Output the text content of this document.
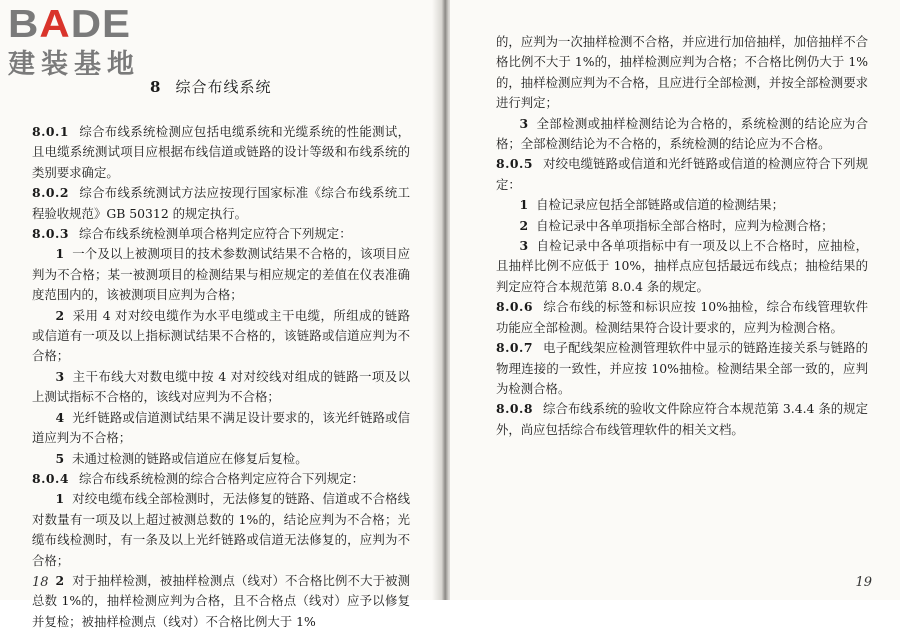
BADE
建装基地
8 综合布线系统

8.0.1 综合布线系统检测应包括电缆系统和光缆系统的性能测试，且电缆系统测试项目应根据布线信道或链路的设计等级和布线系统的类别要求确定。

8.0.2 综合布线系统测试方法应按现行国家标准《综合布线系统工程验收规范》GB 50312 的规定执行。

8.0.3 综合布线系统检测单项合格判定应符合下列规定：

1 一个及以上被测项目的技术参数测试结果不合格的，该项目应判为不合格；某一被测项目的检测结果与相应规定的差值在仪表准确度范围内的，该被测项目应判为合格；

2 采用 4 对对绞电缆作为水平电缆或主干电缆，所组成的链路或信道有一项及以上指标测试结果不合格的，该链路或信道应判为不合格；

3 主干布线大对数电缆中按 4 对对绞线对组成的链路一项及以上测试指标不合格的，该线对应判为不合格；

4 光纤链路或信道测试结果不满足设计要求的，该光纤链路或信道应判为不合格；

5 未通过检测的链路或信道应在修复后复检。

8.0.4 综合布线系统检测的综合合格判定应符合下列规定：

1 对绞电缆布线全部检测时，无法修复的链路、信道或不合格线对数量有一项及以上超过被测总数的 1%的，结论应判为不合格；光缆布线检测时，有一条及以上光纤链路或信道无法修复的，应判为不合格；

2 对于抽样检测，被抽样检测点（线对）不合格比例不大于被测总数 1%的，抽样检测应判为合格，且不合格点（线对）应予以修复并复检；被抽样检测点（线对）不合格比例大于 1%

18

的，应判为一次抽样检测不合格，并应进行加倍抽样，加倍抽样不合格比例不大于 1%的，抽样检测应判为合格；不合格比例仍大于 1%的，抽样检测应判为不合格，且应进行全部检测，并按全部检测要求进行判定；

3 全部检测或抽样检测结论为合格的，系统检测的结论应为合格；全部检测结论为不合格的，系统检测的结论应为不合格。

8.0.5 对绞电缆链路或信道和光纤链路或信道的检测应符合下列规定：

1 自检记录应包括全部链路或信道的检测结果；

2 自检记录中各单项指标全部合格时，应判为检测合格；

3 自检记录中各单项指标中有一项及以上不合格时，应抽检，且抽样比例不应低于 10%，抽样点应包括最远布线点；抽检结果的判定应符合本规范第 8.0.4 条的规定。

8.0.6 综合布线的标签和标识应按 10%抽检，综合布线管理软件功能应全部检测。检测结果符合设计要求的，应判为检测合格。

8.0.7 电子配线架应检测管理软件中显示的链路连接关系与链路的物理连接的一致性，并应按 10%抽检。检测结果全部一致的，应判为检测合格。

8.0.8 综合布线系统的验收文件除应符合本规范第 3.4.4 条的规定外，尚应包括综合布线管理软件的相关文档。

19
